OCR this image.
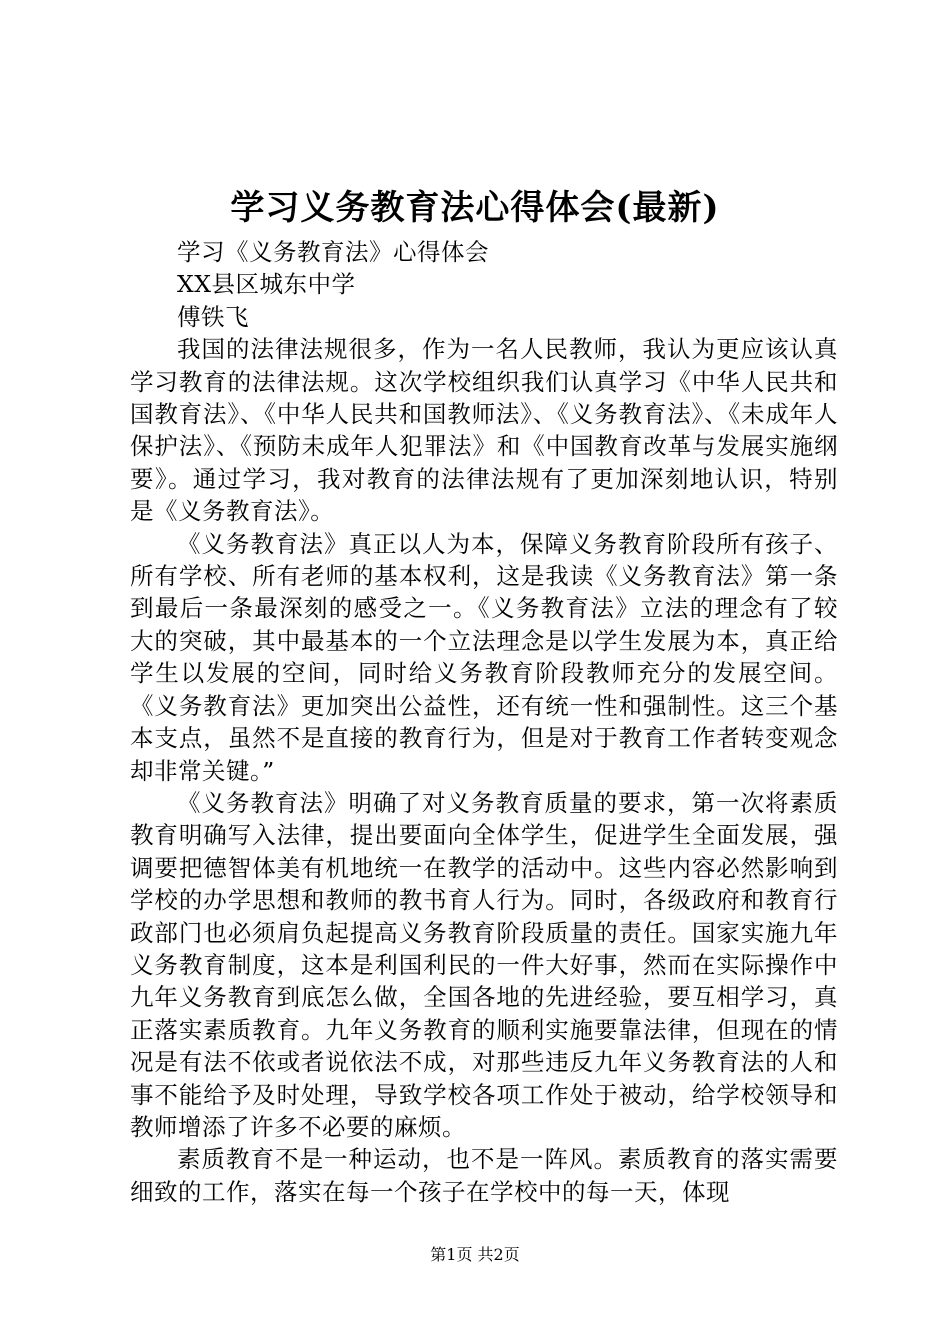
学习义务教育法心得体会(最新)

学习《义务教育法》心得体会

XX县区城东中学

傅铁飞

我国的法律法规很多，作为一名人民教师，我认为更应该认真学习教育的法律法规。这次学校组织我们认真学习《中华人民共和国教育法》、《中华人民共和国教师法》、《义务教育法》、《未成年人保护法》、《预防未成年人犯罪法》和《中国教育改革与发展实施纲要》。通过学习，我对教育的法律法规有了更加深刻地认识，特别是《义务教育法》。

《义务教育法》真正以人为本，保障义务教育阶段所有孩子、所有学校、所有老师的基本权利，这是我读《义务教育法》第一条到最后一条最深刻的感受之一。《义务教育法》立法的理念有了较大的突破，其中最基本的一个立法理念是以学生发展为本，真正给学生以发展的空间，同时给义务教育阶段教师充分的发展空间。《义务教育法》更加突出公益性，还有统一性和强制性。这三个基本支点，虽然不是直接的教育行为，但是对于教育工作者转变观念却非常关键。”

《义务教育法》明确了对义务教育质量的要求，第一次将素质教育明确写入法律，提出要面向全体学生，促进学生全面发展，强调要把德智体美有机地统一在教学的活动中。这些内容必然影响到学校的办学思想和教师的教书育人行为。同时，各级政府和教育行政部门也必须肩负起提高义务教育阶段质量的责任。国家实施九年义务教育制度，这本是利国利民的一件大好事，然而在实际操作中九年义务教育到底怎么做，全国各地的先进经验，要互相学习，真正落实素质教育。九年义务教育的顺利实施要靠法律，但现在的情况是有法不依或者说依法不成，对那些违反九年义务教育法的人和事不能给予及时处理，导致学校各项工作处于被动，给学校领导和教师增添了许多不必要的麻烦。

素质教育不是一种运动，也不是一阵风。素质教育的落实需要细致的工作，落实在每一个孩子在学校中的每一天，体现

第1页 共2页
